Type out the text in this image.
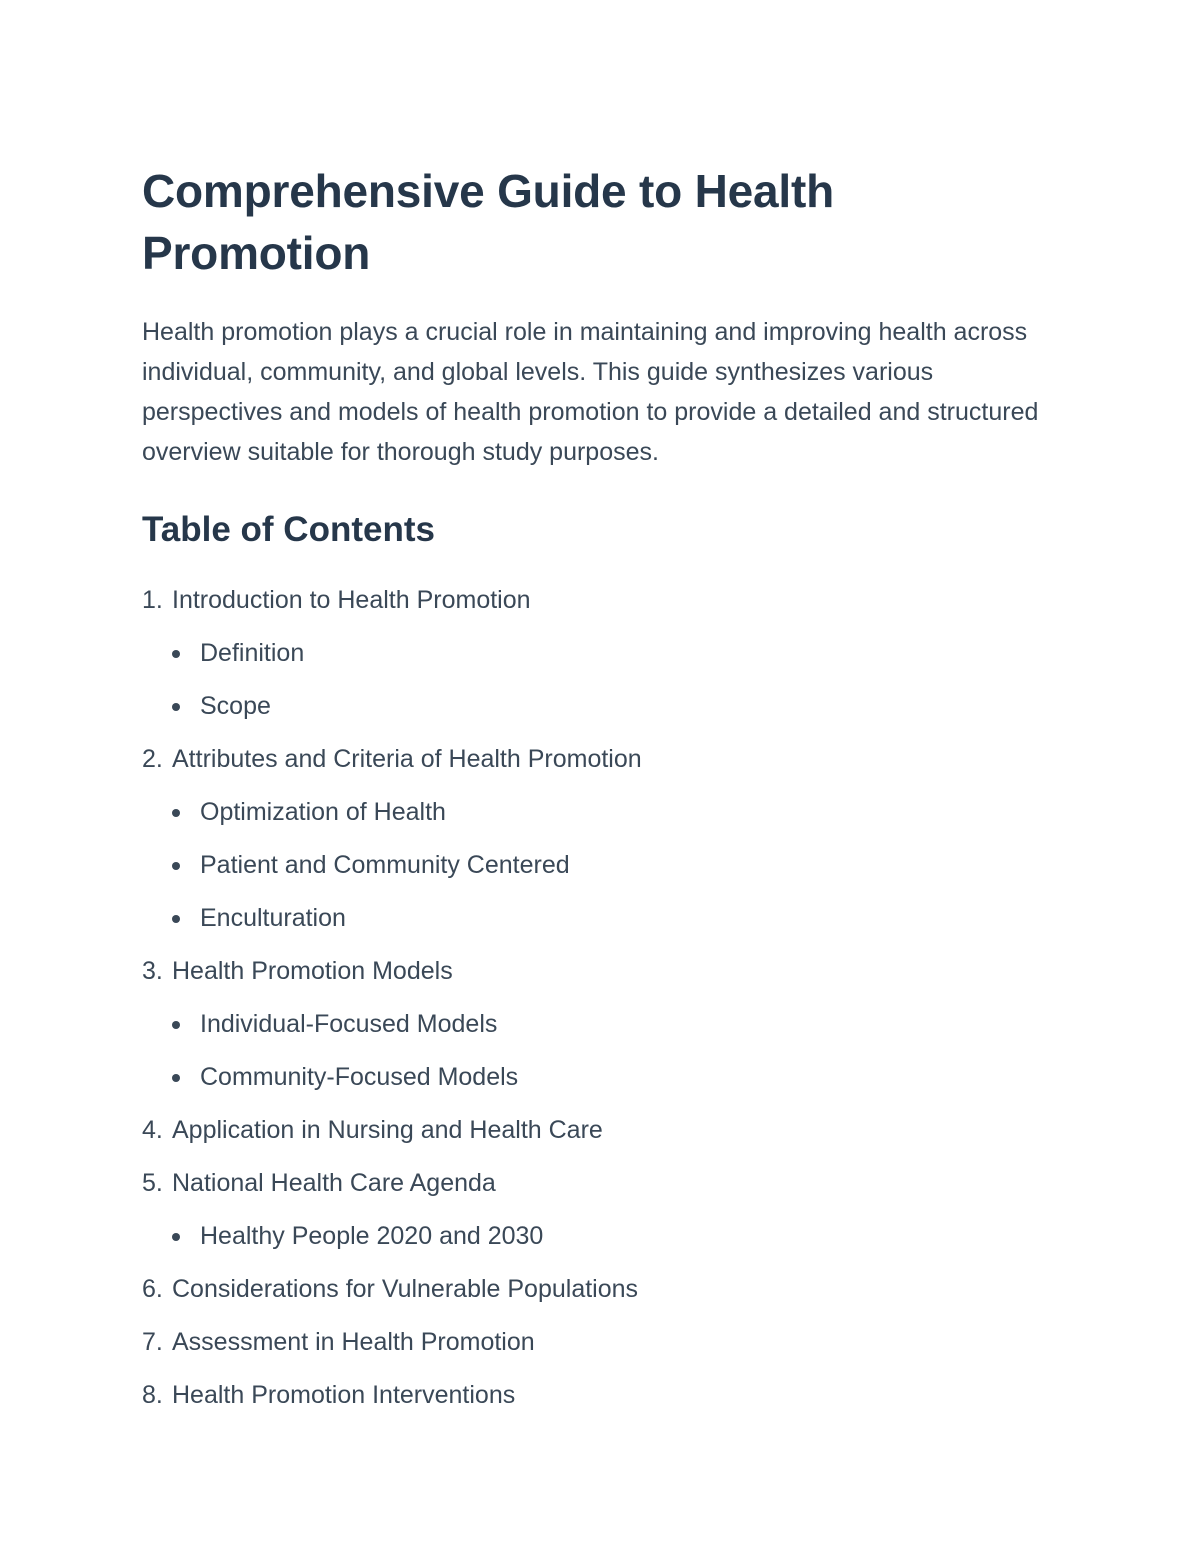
Comprehensive Guide to Health Promotion

Health promotion plays a crucial role in maintaining and improving health across individual, community, and global levels. This guide synthesizes various perspectives and models of health promotion to provide a detailed and structured overview suitable for thorough study purposes.

Table of Contents
1. Introduction to Health Promotion
Definition
Scope
2. Attributes and Criteria of Health Promotion
Optimization of Health
Patient and Community Centered
Enculturation
3. Health Promotion Models
Individual-Focused Models
Community-Focused Models
4. Application in Nursing and Health Care
5. National Health Care Agenda
Healthy People 2020 and 2030
6. Considerations for Vulnerable Populations
7. Assessment in Health Promotion
8. Health Promotion Interventions
